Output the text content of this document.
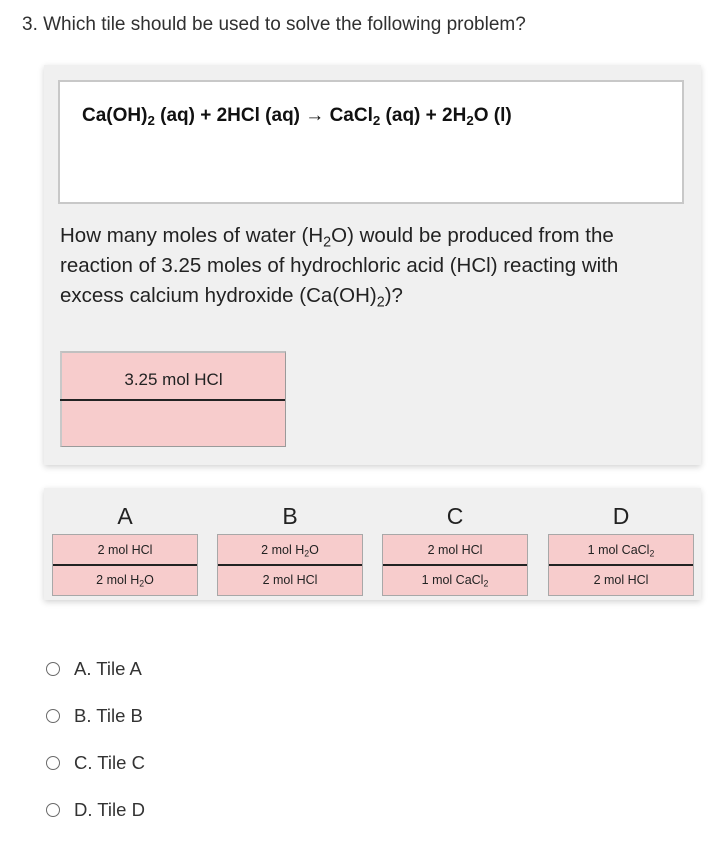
3. Which tile should be used to solve the following problem?
$Ca(OH)_2$ (aq) + 2HCl (aq) → CaCl$_2$ $(aq) + 2H_2O$ (l)
How many moles of water $(H_2O)$ would be produced from the reaction of 3.25 moles of hydrochloric acid (HCl) reacting with excess calcium hydroxide $(Ca(OH)_2)$?
3.25 mol HCl
A
2 mol HCl
2 mol $H_2O$
B
2 mol $H_2O$
2 mol HCl
C
2 mol HCl
1 mol CaCl$_2$
D
1 mol CaCl$_2$
2 mol HCl
A. Tile A
B. Tile B
C. Tile C
D. Tile D
